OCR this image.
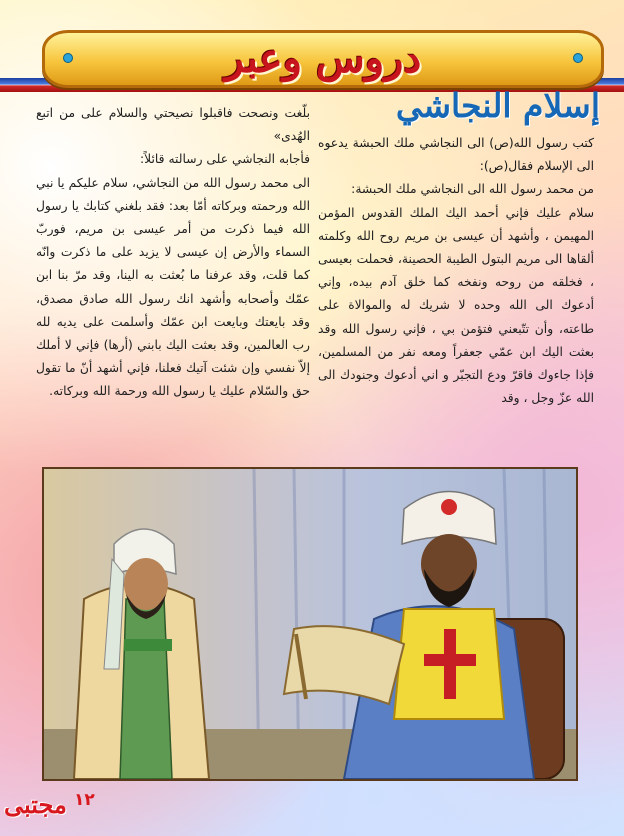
دروس وعبر
إسلام النجاشي

كتب رسول الله(ص) الى النجاشي ملك الحبشة يدعوه الى الإسلام فقال(ص):

من محمد رسول الله الى النجاشي ملك الحبشة:

سلام عليك فإني أحمد اليك الملك القدوس المؤمن المهيمن ، وأشهد أن عيسى بن مريم روح الله وكلمته ألقاها الى مريم البتول الطيبة الحصينة، فحملت بعيسى ، فخلقه من روحه ونفخه كما خلق آدم بيده، وإني أدعوك الى الله وحده لا شريك له والموالاة على طاعته، وأن تتّبعني فتؤمن بي ، فإني رسول الله وقد بعثت اليك ابن عمّي جعفراً ومعه نفر من المسلمين، فإذا جاءوك فاقرّ ودع التجبّر و اني أدعوك وجنودك الى الله عزّ وجل ، وقد

بلّغت ونصحت فاقبلوا نصيحتي والسلام على من اتبع الهُدى»

فأجابه النجاشي على رسالته قائلاً:

الى محمد رسول الله من النجاشي، سلام عليكم يا نبي الله ورحمته وبركاته أمّا بعد: فقد بلغني كتابك يا رسول الله فيما ذكرت من أمر عيسى بن مريم، فوربّ السماء والأرض إن عيسى لا يزيد على ما ذكرت وانّه كما قلت، وقد عرفنا ما بُعثت به الينا، وقد مرّ بنا ابن عمّك وأصحابه وأشهد انك رسول الله صادق مصدق، وقد بايعتك وبايعت ابن عمّك وأسلمت على يديه لله رب العالمين، وقد بعثت اليك بابني (أرها) فإني لا أملك إلاّ نفسي وإن شئت آتيك فعلنا، فإني أشهد أنّ ما تقول حق والسّلام عليك يا رسول الله ورحمة الله وبركاته.

مجتبى ١٢
